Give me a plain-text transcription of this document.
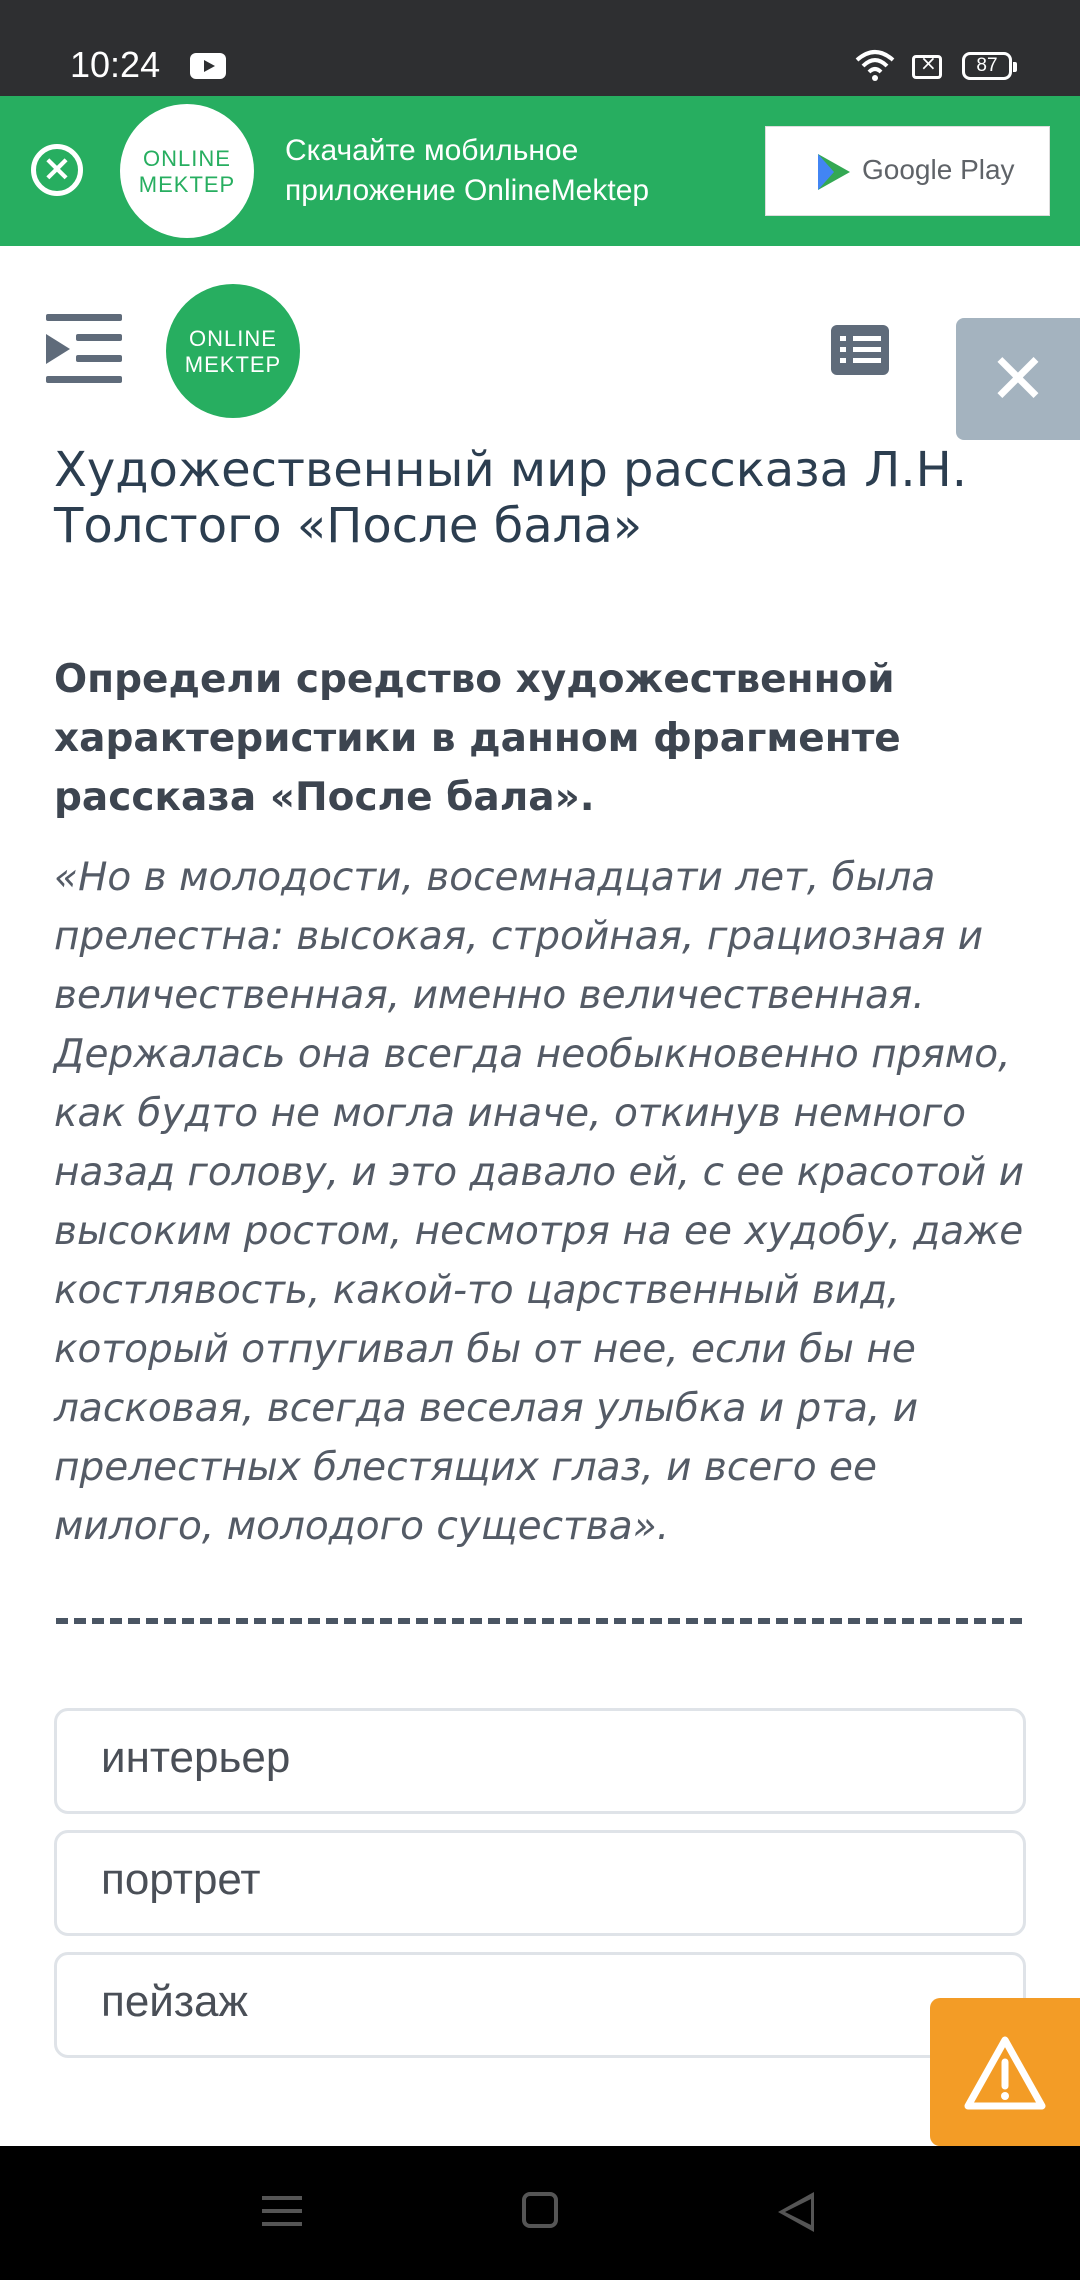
10:24
×	87
×	ONLINE
MEKTEP
Скачайте мобильное
приложение OnlineMektep
Google Play
ONLINE
MEKTEP	✕
Художественный мир рассказа Л.Н. Толстого «После бала»
Определи средство художественной характеристики в данном фрагменте рассказа «После бала».
«Но в молодости, восемнадцати лет, была прелестна: высокая, стройная, грациозная и величественная, именно величественная. Держалась она всегда необыкновенно прямо, как будто не могла иначе, откинув немного назад голову, и это давало ей, с ее красотой и высоким ростом, несмотря на ее худобу, даже костлявость, какой-то царственный вид, который отпугивал бы от нее, если бы не ласковая, всегда веселая улыбка и рта, и прелестных блестящих глаз, и всего ее милого, молодого существа».
интерьер
портрет
пейзаж
